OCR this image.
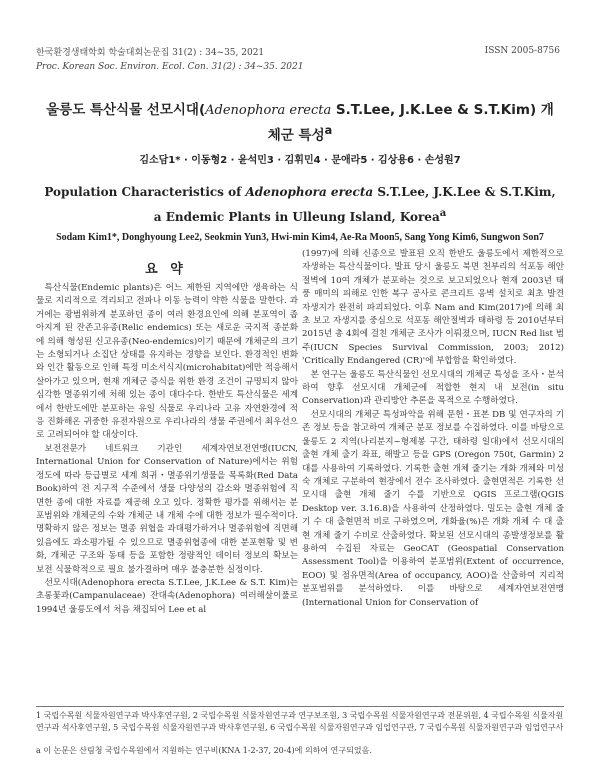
한국환경생태학회 학술대회논문집 31(2) : 34~35, 2021
Proc. Korean Soc. Environ. Ecol. Con. 31(2) : 34~35. 2021
ISSN 2005-8756
울릉도 특산식물 선모시대(Adenophora erecta S.T.Lee, J.K.Lee & S.T.Kim) 개체군 특성$^a$
김소담1* · 이동형2 · 윤석민3 · 김휘민4 · 문애라5 · 김상용6 · 손성원7
Population Characteristics of Adenophora erecta S.T.Lee, J.K.Lee & S.T.Kim, a Endemic Plants in Ulleung Island, Korea$^a$
Sodam Kim1*, Donghyoung Lee2, Seokmin Yun3, Hwi-min Kim4, Ae-Ra Moon5, Sang Yong Kim6, Sungwon Son7
요 약

특산식물(Endemic plants)은 어느 제한된 지역에만 생육하는 식물로 지리적으로 격리되고 전파나 이동 능력이 약한 식물을 말한다. 과거에는 광범위하게 분포하던 종이 여러 환경요인에 의해 분포역이 좁아지게 된 잔존고유종(Relic endemics) 또는 새로운 국지적 종분화에 의해 형성된 신고유종(Neo-endemics)이기 때문에 개체군의 크기는 소형되거나 소집단 상태를 유지하는 경향을 보인다. 환경적인 변화와 인간 활동으로 인해 특정 미소서식지(microhabitat)에만 적응해서 살아가고 있으며, 현재 개체군 증식을 위한 환경 조건이 규명되지 않아 심각한 멸종위기에 처해 있는 종이 대다수다. 한반도 특산식물은 세계에서 한반도에만 분포하는 유일 식물로 우리나라 고유 자연환경에 적응 진화해온 귀중한 유전자원으로 우리나라의 생물 주권에서 최우선으로 고려되어야 할 대상이다.

보전전문가 네트워크 기관인 세계자연보전연맹(IUCN, International Union for Conservation of Nature)에서는 위험 정도에 따라 등급별로 세계 희귀・멸종위기생물을 목록화(Red Data Book)하여 전 지구적 수준에서 생물 다양성의 감소와 멸종위험에 직면한 종에 대한 자료를 제공해 오고 있다. 정확한 평가를 위해서는 분포범위와 개체군의 수와 개체군 내 개체 수에 대한 정보가 필수적이다. 명확하지 않은 정보는 멸종 위협을 과대평가하거나 멸종위험에 직면해 있음에도 과소평가될 수 있으므로 멸종위협종에 대한 분포현황 및 변화, 개체군 구조와 동태 등을 포함한 정량적인 데이터 정보의 확보는 보전 식물학적으로 필요 불가결하며 매우 불충분한 실정이다.

선모시대(Adenophora erecta S.T.Lee, J.K.Lee & S.T. Kim)는 초롱꽃과(Campanulaceae) 잔대속(Adenophora) 여러해살이풀로 1994년 울릉도에서 처음 채집되어 Lee et al

(1997)에 의해 신종으로 발표된 오직 한반도 울릉도에서 제한적으로 자생하는 특산식물이다. 발표 당시 울릉도 북면 천부리의 석포동 해안절벽에 10여 개체가 분포하는 것으로 보고되었으나 현재 2003년 태풍 매미의 피해로 인한 복구 공사로 콘크리트 옹벽 설치로 최초 발견 자생지가 완전히 파괴되었다. 이후 Nam and Kim(2017)에 의해 최초 보고 자생지를 중심으로 석포동 해안절벽과 태하령 등 2010년부터 2015년 총 4회에 걸친 개체군 조사가 이뤄졌으며, IUCN Red list 범주(IUCN Species Survival Commission, 2003; 2012) 'Critically Endangered (CR)'에 부합함을 확인하였다.

본 연구는 울릉도 특산식물인 선모시대의 개체군 특성을 조사・분석하여 향후 선모시대 개체군에 적합한 현지 내 보전(in situ Conservation)과 관리방안 추론을 목적으로 수행하였다.

선모시대의 개체군 특성파악을 위해 문헌・표본 DB 및 연구자의 기존 정보 등을 참고하여 개체군 분포 정보를 수집하였다. 이를 바탕으로 울릉도 2 지역(나리분지~형제봉 구간, 태하령 일대)에서 선모시대의 출현 개체 출기 좌표, 해발고 등을 GPS (Oregon 750t, Garmin) 2대를 사용하여 기록하였다. 기록한 출현 개체 줄기는 개화 개체와 미성숙 개체로 구분하여 현장에서 전수 조사하였다. 출현면적은 기록한 선모시대 출현 개체 줄기 수를 기반으로 QGIS 프로그램(QGIS Desktop ver. 3.16.8)을 사용하여 산정하였다. 밀도는 출현 개체 줄기 수 대 출현면적 비로 구하였으며, 개화율(%)은 개화 개체 수 대 출현 개체 줄기 수비로 산출하였다. 확보된 선모시대의 종발생정보를 활용하여 수집된 자료는 GeoCAT (Geospatial Conservation Assessment Tool)을 이용하여 분포범위(Extent of occurrence, EOO) 및 점유면적(Area of occupancy, AOO)을 산출하여 지리적 분포범위를 분석하였다. 이를 바탕으로 세계자연보전연맹(International Union for Conservation of

1 국립수목원 식물자원연구과 박사후연구원, 2 국립수목원 식물자원연구과 연구보조원, 3 국립수목원 식물자원연구과 전문위원, 4 국립수목원 식물자원연구과 석사후연구원, 5 국립수목원 식물자원연구과 박사후연구원, 6 국립수목원 식물자원연구과 임업연구관, 7 국립수목원 식물자원연구과 임업연구사
a 이 논문은 산림청 국립수목원에서 지원하는 연구비(KNA 1-2-37, 20-4)에 의하여 연구되었음.
